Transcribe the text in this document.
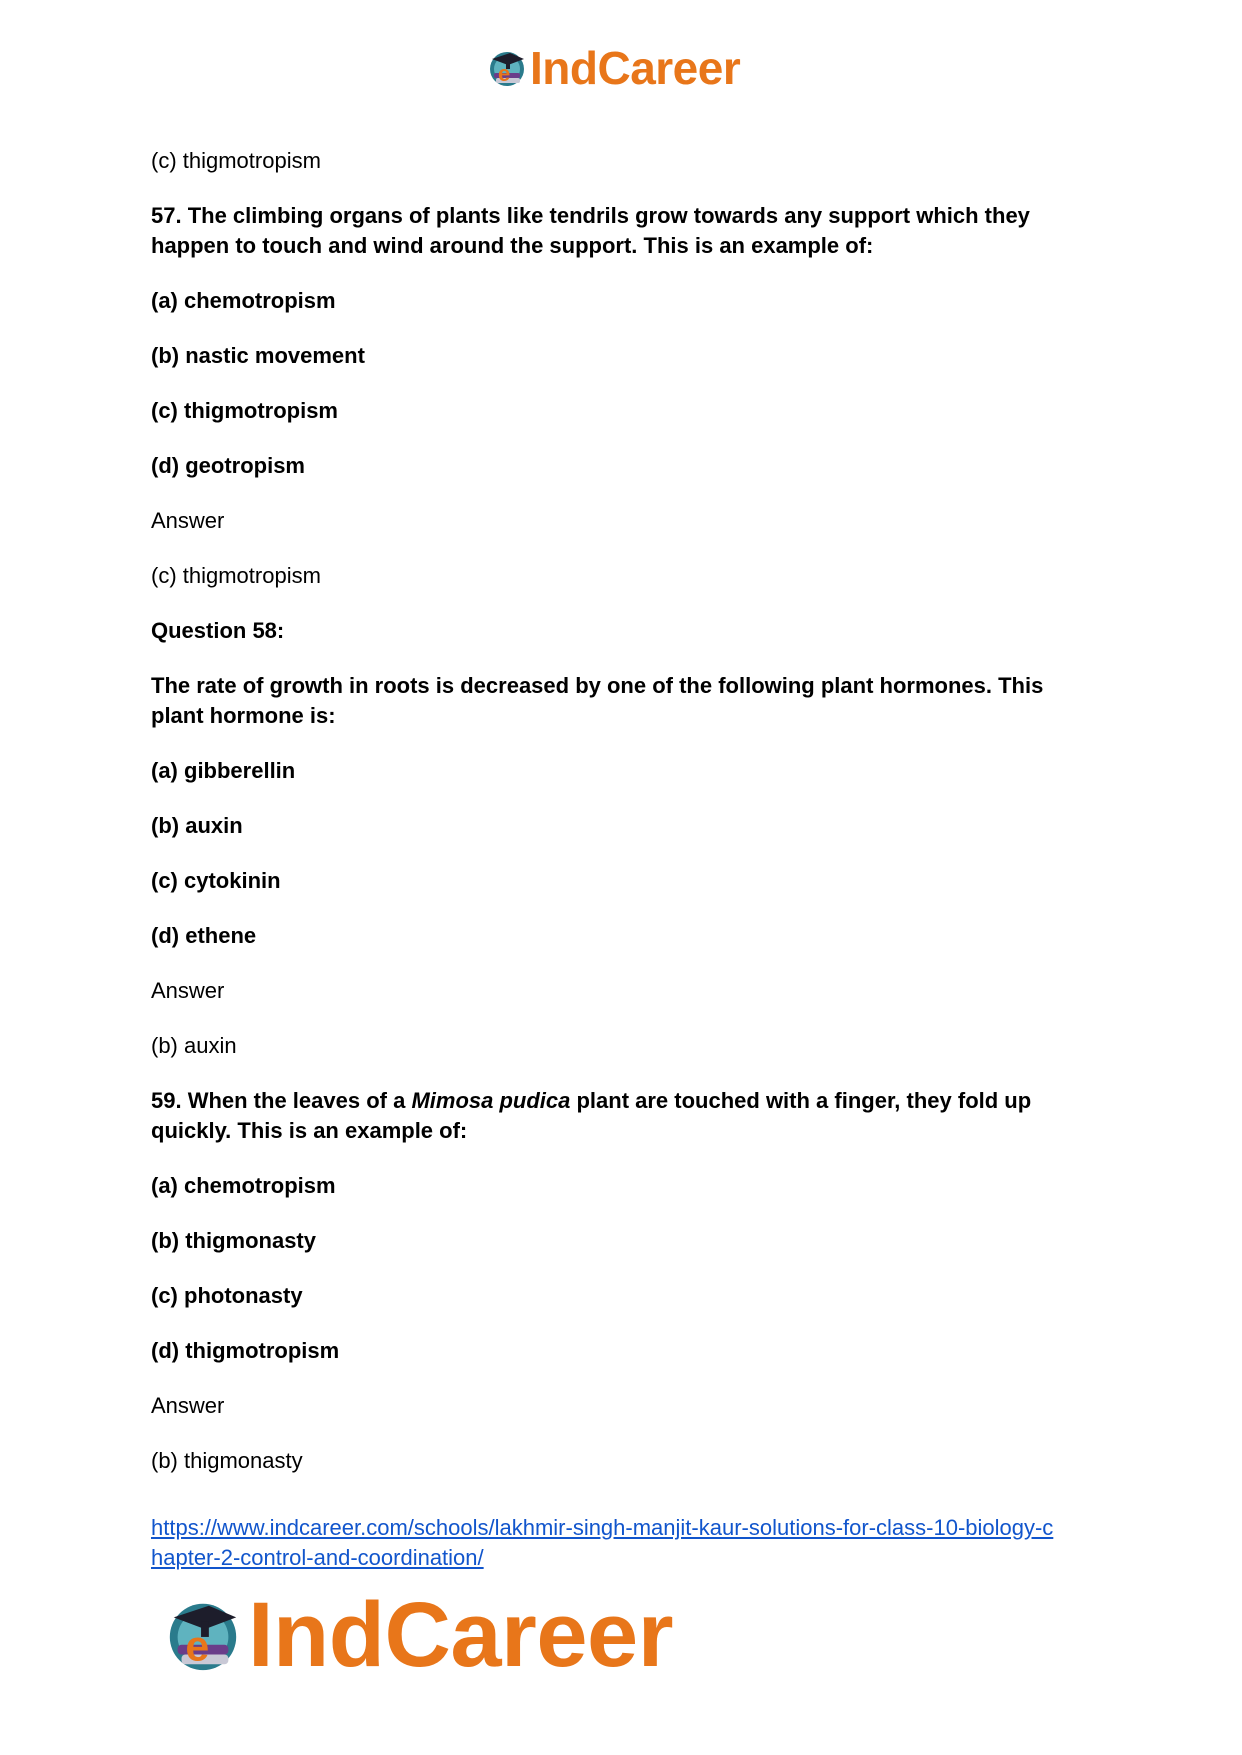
e IndCareer

(c) thigmotropism

57. The climbing organs of plants like tendrils grow towards any support which they

happen to touch and wind around the support. This is an example of:

(a) chemotropism

(b) nastic movement

(c) thigmotropism

(d) geotropism

Answer

(c) thigmotropism

Question 58:

The rate of growth in roots is decreased by one of the following plant hormones. This

plant hormone is:

(a) gibberellin

(b) auxin

(c) cytokinin

(d) ethene

Answer

(b) auxin

59. When the leaves of a Mimosa pudica plant are touched with a finger, they fold up

quickly. This is an example of:

(a) chemotropism

(b) thigmonasty

(c) photonasty

(d) thigmotropism

Answer

(b) thigmonasty

https://www.indcareer.com/schools/lakhmir-singh-manjit-kaur-solutions-for-class-10-biology-c
hapter-2-control-and-coordination/
e IndCareer
